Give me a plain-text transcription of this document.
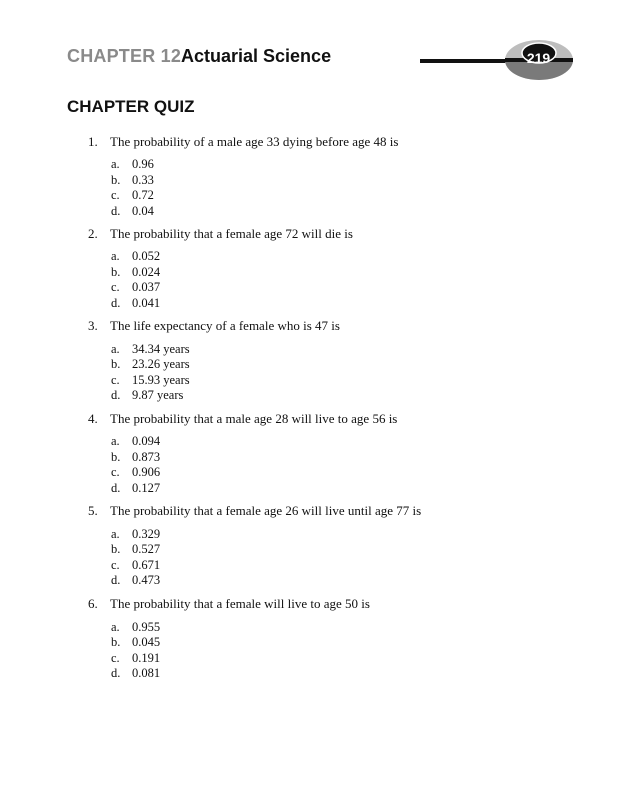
CHAPTER 12 Actuarial Science	219
CHAPTER QUIZ
1. The probability of a male age 33 dying before age 48 is
a. 0.96
b. 0.33
c. 0.72
d. 0.04
2. The probability that a female age 72 will die is
a. 0.052
b. 0.024
c. 0.037
d. 0.041
3. The life expectancy of a female who is 47 is
a. 34.34 years
b. 23.26 years
c. 15.93 years
d. 9.87 years
4. The probability that a male age 28 will live to age 56 is
a. 0.094
b. 0.873
c. 0.906
d. 0.127
5. The probability that a female age 26 will live until age 77 is
a. 0.329
b. 0.527
c. 0.671
d. 0.473
6. The probability that a female will live to age 50 is
a. 0.955
b. 0.045
c. 0.191
d. 0.081
